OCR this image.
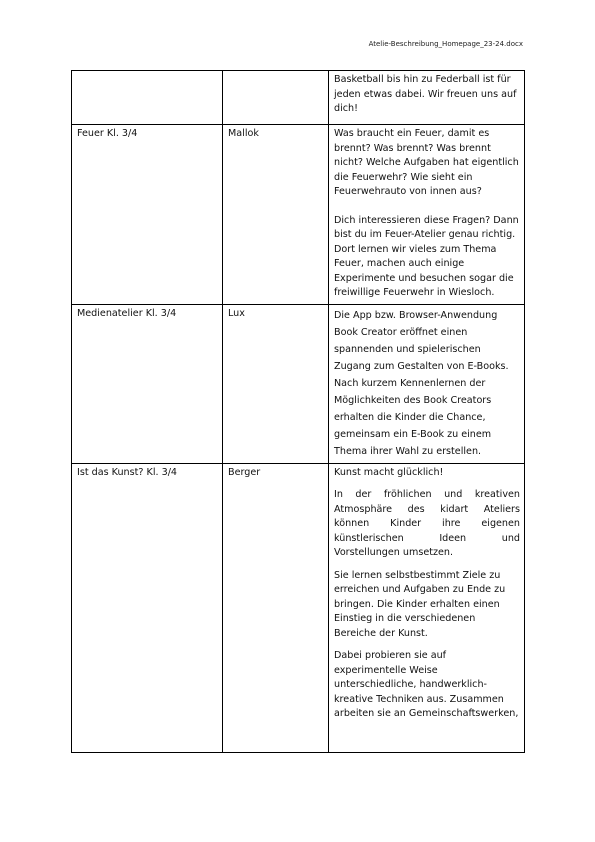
Atelie-Beschreibung_Homepage_23-24.docx

		Basketball bis hin zu Federball ist für jeden etwas dabei. Wir freuen uns auf dich!

Feuer Kl. 3/4	Mallok	Was braucht ein Feuer, damit es brennt? Was brennt? Was brennt nicht? Welche Aufgaben hat eigentlich die Feuerwehr? Wie sieht ein Feuerwehrauto von innen aus?

Dich interessieren diese Fragen? Dann bist du im Feuer-Atelier genau richtig. Dort lernen wir vieles zum Thema Feuer, machen auch einige Experimente und besuchen sogar die freiwillige Feuerwehr in Wiesloch.

Medienatelier Kl. 3/4	Lux	Die App bzw. Browser-Anwendung Book Creator eröffnet einen spannenden und spielerischen Zugang zum Gestalten von E-Books. Nach kurzem Kennenlernen der Möglichkeiten des Book Creators erhalten die Kinder die Chance, gemeinsam ein E-Book zu einem Thema ihrer Wahl zu erstellen.

Ist das Kunst? Kl. 3/4	Berger	Kunst macht glücklich!

In der fröhlichen und kreativen Atmosphäre des kidart Ateliers können Kinder ihre eigenen künstlerischen Ideen und Vorstellungen umsetzen.

Sie lernen selbstbestimmt Ziele zu erreichen und Aufgaben zu Ende zu bringen. Die Kinder erhalten einen Einstieg in die verschiedenen Bereiche der Kunst.

Dabei probieren sie auf experimentelle Weise unterschiedliche, handwerklich-kreative Techniken aus. Zusammen arbeiten sie an Gemeinschaftswerken,
